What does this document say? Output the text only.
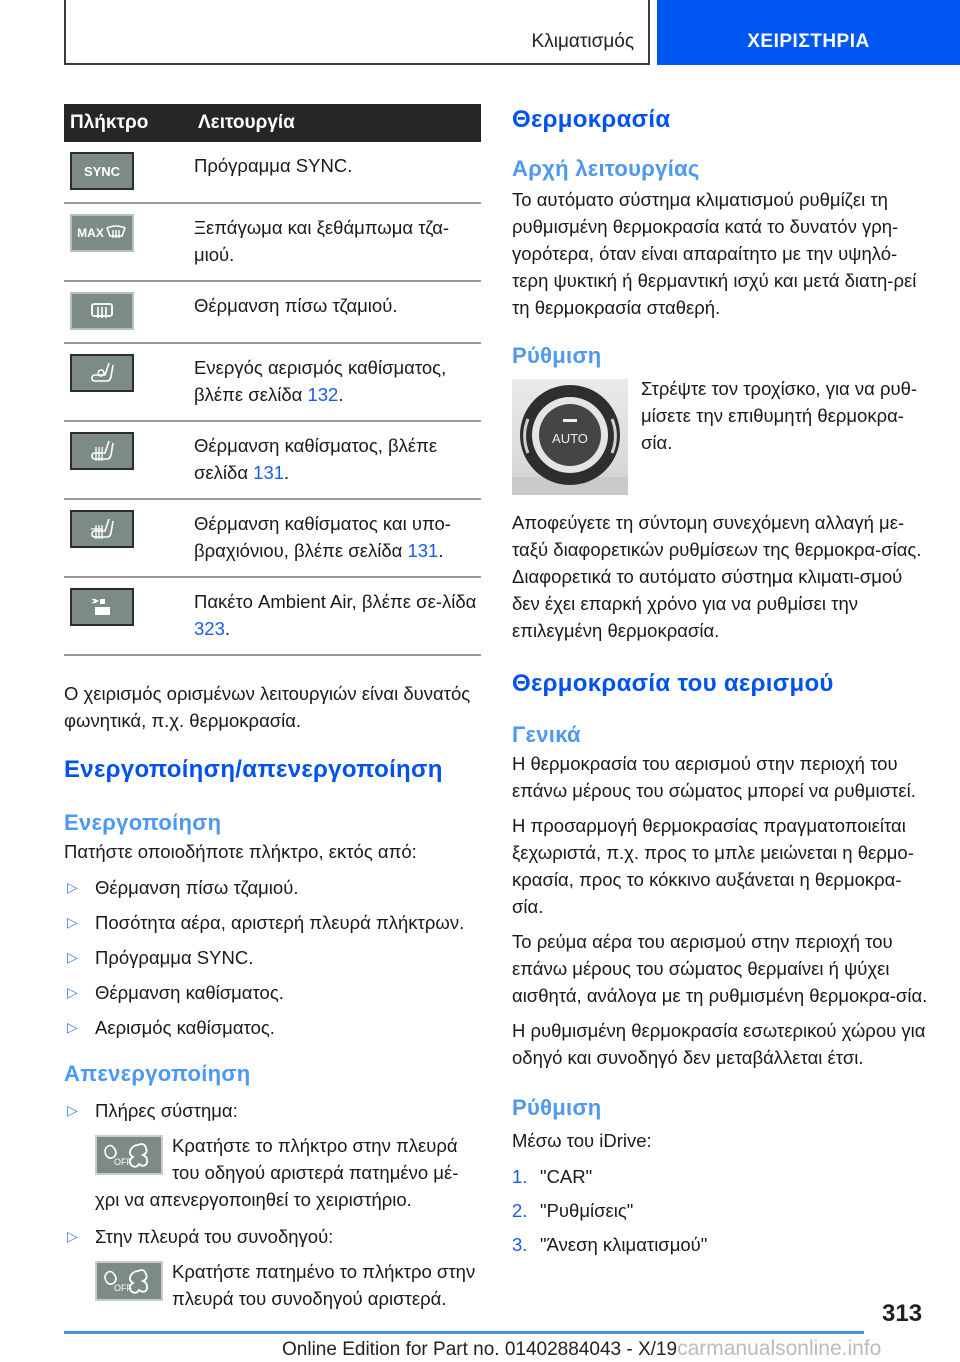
Κλιματισμός	ΧΕΙΡΙΣΤΗΡΙΑ
Πλήκτρο	Λειτουργία

SYNC	Πρόγραμμα SYNC.

MAX	Ξεπάγωμα και ξεθάμπωμα τζα-μιού.

	Θέρμανση πίσω τζαμιού.

	Ενεργός αερισμός καθίσματος, βλέπε σελίδα 132.

	Θέρμανση καθίσματος, βλέπε σελίδα 131.

	Θέρμανση καθίσματος και υπο-βραχιόνιου, βλέπε σελίδα 131.

	Πακέτο Ambient Air, βλέπε σε-λίδα 323.

Ο χειρισμός ορισμένων λειτουργιών είναι δυνατός φωνητικά, π.χ. θερμοκρασία.

Ενεργοποίηση/απενεργοποίηση
Ενεργοποίηση

Πατήστε οποιοδήποτε πλήκτρο, εκτός από:

▷ Θέρμανση πίσω τζαμιού.
▷ Ποσότητα αέρα, αριστερή πλευρά πλήκτρων.
▷ Πρόγραμμα SYNC.
▷ Θέρμανση καθίσματος.
▷ Αερισμός καθίσματος.
Απενεργοποίηση
▷ Πλήρες σύστημα:
OFF
Κρατήστε το πλήκτρο στην πλευρά του οδηγού αριστερά πατημένο μέ-χρι να απενεργοποιηθεί το χειριστήριο.
▷ Στην πλευρά του συνοδηγού:
OFF
Κρατήστε πατημένο το πλήκτρο στην πλευρά του συνοδηγού αριστερά.
Θερμοκρασία
Αρχή λειτουργίας

Το αυτόματο σύστημα κλιματισμού ρυθμίζει τη ρυθμισμένη θερμοκρασία κατά το δυνατόν γρη-γορότερα, όταν είναι απαραίτητο με την υψηλό-τερη ψυκτική ή θερμαντική ισχύ και μετά διατη-ρεί τη θερμοκρασία σταθερή.

Ρύθμιση
AUTO

Στρέψτε τον τροχίσκο, για να ρυθ-μίσετε την επιθυμητή θερμοκρα-σία.

Αποφεύγετε τη σύντομη συνεχόμενη αλλαγή με-ταξύ διαφορετικών ρυθμίσεων της θερμοκρα-σίας. Διαφορετικά το αυτόματο σύστημα κλιματι-σμού δεν έχει επαρκή χρόνο για να ρυθμίσει την επιλεγμένη θερμοκρασία.

Θερμοκρασία του αερισμού
Γενικά

Η θερμοκρασία του αερισμού στην περιοχή του επάνω μέρους του σώματος μπορεί να ρυθμιστεί.

Η προσαρμογή θερμοκρασίας πραγματοποιείται ξεχωριστά, π.χ. προς το μπλε μειώνεται η θερμο-κρασία, προς το κόκκινο αυξάνεται η θερμοκρα-σία.

Το ρεύμα αέρα του αερισμού στην περιοχή του επάνω μέρους του σώματος θερμαίνει ή ψύχει αισθητά, ανάλογα με τη ρυθμισμένη θερμοκρα-σία.

Η ρυθμισμένη θερμοκρασία εσωτερικού χώρου για οδηγό και συνοδηγό δεν μεταβάλλεται έτσι.

Ρύθμιση

Μέσω του iDrive:

1. "CAR"
2. "Ρυθμίσεις"
3. "Άνεση κλιματισμού"
313
Online Edition for Part no. 01402884043 - X/19carmanualsonline.info
